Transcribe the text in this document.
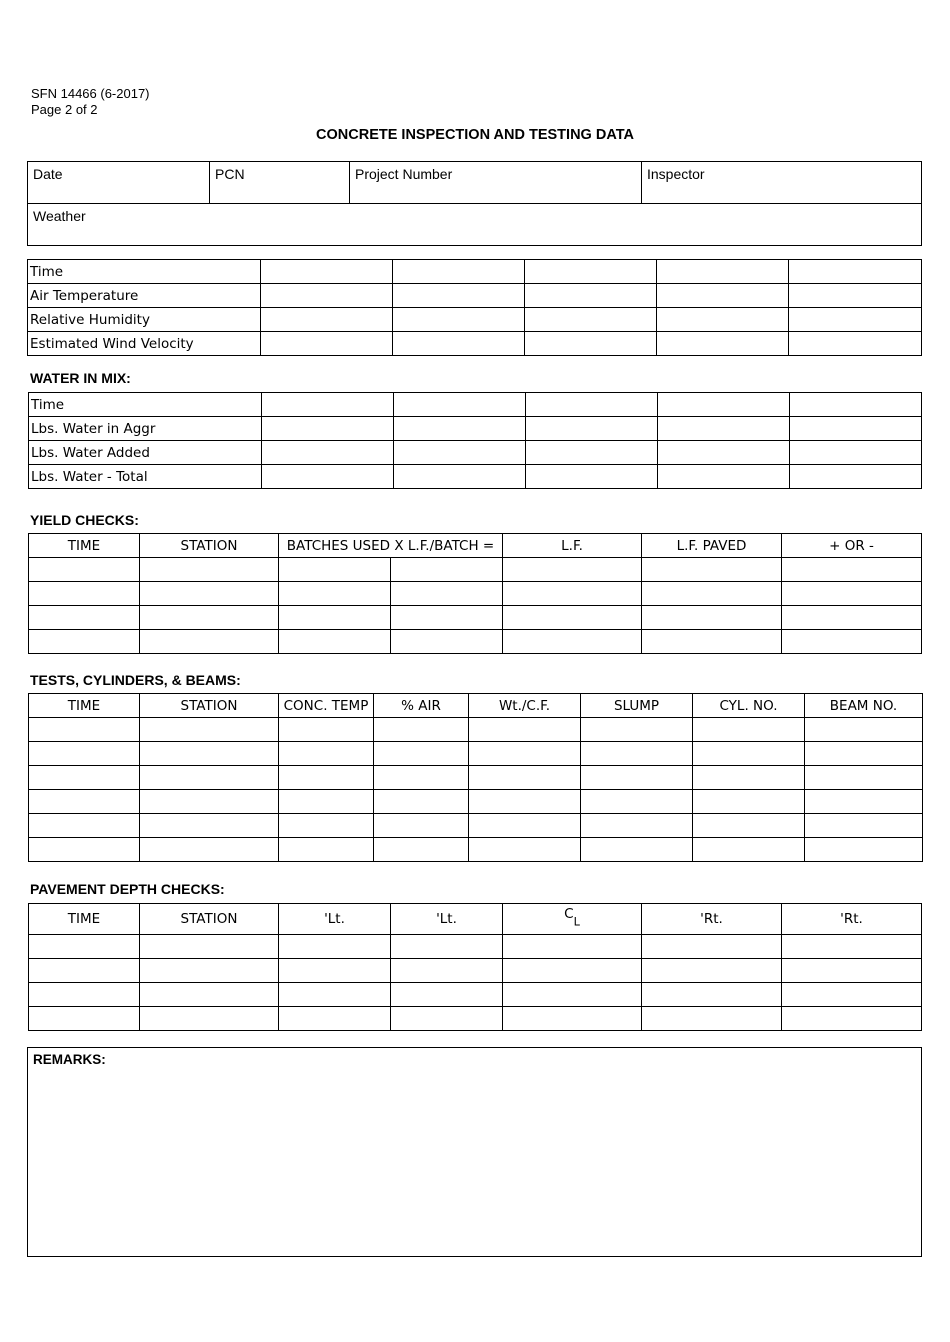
SFN 14466 (6-2017)
Page 2 of 2
CONCRETE INSPECTION AND TESTING DATA
Date	PCN	Project Number	Inspector
Weather
Time					
Air Temperature					
Relative Humidity					
Estimated Wind Velocity					
WATER IN MIX:
Time					
Lbs. Water in Aggr					
Lbs. Water Added					
Lbs. Water - Total					
YIELD CHECKS:
TIME	STATION	BATCHES USED X L.F./BATCH =		L.F.	L.F. PAVED	+ OR -

TESTS, CYLINDERS, & BEAMS:
TIME	STATION	CONC. TEMP	% AIR	Wt./C.F.	SLUMP	CYL. NO.	BEAM NO.

PAVEMENT DEPTH CHECKS:
TIME	STATION	'Lt.	'Lt.	$C_L$	'Rt.	'Rt.

REMARKS:
